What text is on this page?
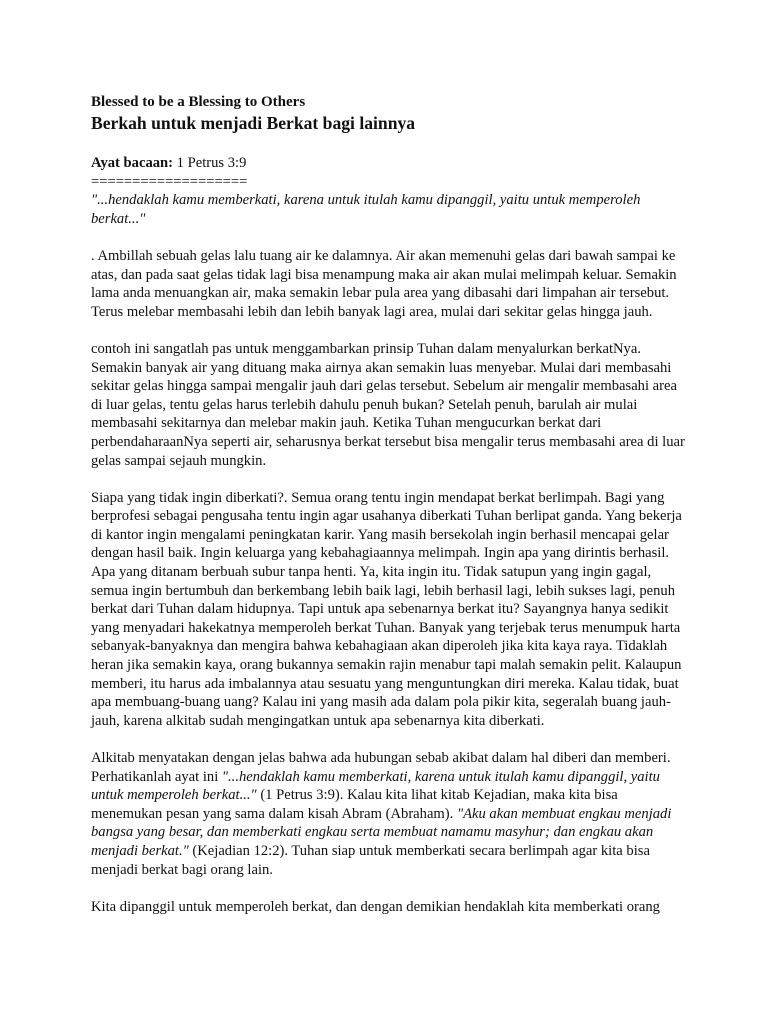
Blessed to be a Blessing to Others

Berkah untuk menjadi Berkat bagi lainnya

Ayat bacaan: 1 Petrus 3:9

===================

"...hendaklah kamu memberkati, karena untuk itulah kamu dipanggil, yaitu untuk memperoleh berkat..."

. Ambillah sebuah gelas lalu tuang air ke dalamnya. Air akan memenuhi gelas dari bawah sampai ke atas, dan pada saat gelas tidak lagi bisa menampung maka air akan mulai melimpah keluar. Semakin lama anda menuangkan air, maka semakin lebar pula area yang dibasahi dari limpahan air tersebut. Terus melebar membasahi lebih dan lebih banyak lagi area, mulai dari sekitar gelas hingga jauh.

contoh ini sangatlah pas untuk menggambarkan prinsip Tuhan dalam menyalurkan berkatNya. Semakin banyak air yang dituang maka airnya akan semakin luas menyebar. Mulai dari membasahi sekitar gelas hingga sampai mengalir jauh dari gelas tersebut. Sebelum air mengalir membasahi area di luar gelas, tentu gelas harus terlebih dahulu penuh bukan? Setelah penuh, barulah air mulai membasahi sekitarnya dan melebar makin jauh. Ketika Tuhan mengucurkan berkat dari perbendaharaanNya seperti air, seharusnya berkat tersebut bisa mengalir terus membasahi area di luar gelas sampai sejauh mungkin.

Siapa yang tidak ingin diberkati?. Semua orang tentu ingin mendapat berkat berlimpah. Bagi yang berprofesi sebagai pengusaha tentu ingin agar usahanya diberkati Tuhan berlipat ganda. Yang bekerja di kantor ingin mengalami peningkatan karir. Yang masih bersekolah ingin berhasil mencapai gelar dengan hasil baik. Ingin keluarga yang kebahagiaannya melimpah. Ingin apa yang dirintis berhasil. Apa yang ditanam berbuah subur tanpa henti. Ya, kita ingin itu. Tidak satupun yang ingin gagal, semua ingin bertumbuh dan berkembang lebih baik lagi, lebih berhasil lagi, lebih sukses lagi, penuh berkat dari Tuhan dalam hidupnya. Tapi untuk apa sebenarnya berkat itu? Sayangnya hanya sedikit yang menyadari hakekatnya memperoleh berkat Tuhan. Banyak yang terjebak terus menumpuk harta sebanyak-banyaknya dan mengira bahwa kebahagiaan akan diperoleh jika kita kaya raya. Tidaklah heran jika semakin kaya, orang bukannya semakin rajin menabur tapi malah semakin pelit. Kalaupun memberi, itu harus ada imbalannya atau sesuatu yang menguntungkan diri mereka. Kalau tidak, buat apa membuang-buang uang? Kalau ini yang masih ada dalam pola pikir kita, segeralah buang jauh-jauh, karena alkitab sudah mengingatkan untuk apa sebenarnya kita diberkati.

Alkitab menyatakan dengan jelas bahwa ada hubungan sebab akibat dalam hal diberi dan memberi. Perhatikanlah ayat ini "...hendaklah kamu memberkati, karena untuk itulah kamu dipanggil, yaitu untuk memperoleh berkat..." (1 Petrus 3:9). Kalau kita lihat kitab Kejadian, maka kita bisa menemukan pesan yang sama dalam kisah Abram (Abraham). "Aku akan membuat engkau menjadi bangsa yang besar, dan memberkati engkau serta membuat namamu masyhur; dan engkau akan menjadi berkat." (Kejadian 12:2). Tuhan siap untuk memberkati secara berlimpah agar kita bisa menjadi berkat bagi orang lain.

Kita dipanggil untuk memperoleh berkat, dan dengan demikian hendaklah kita memberkati orang
